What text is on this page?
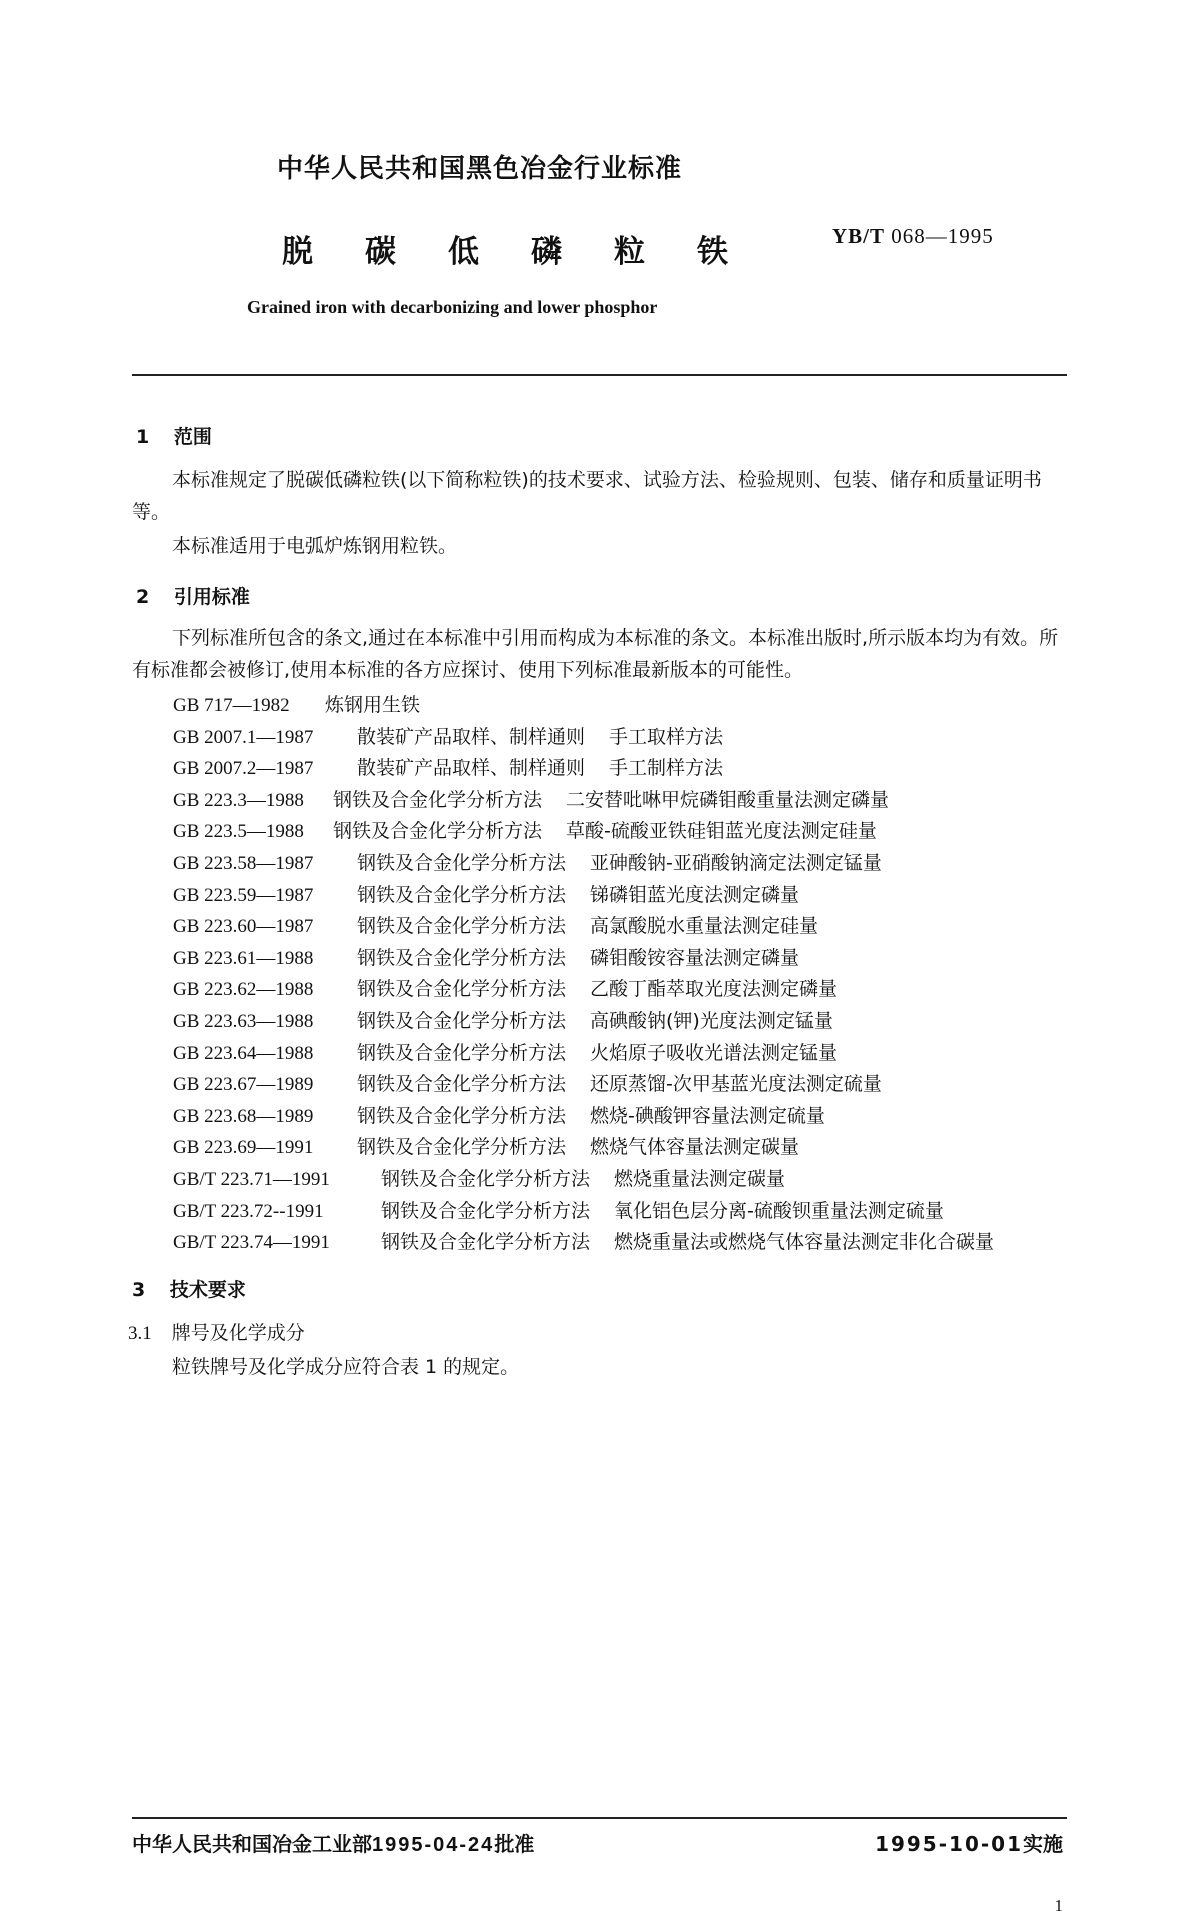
中华人民共和国黑色冶金行业标准
脱 碳 低 磷 粒 铁	YB/T 068—1995
Grained iron with decarbonizing and lower phosphor
1 范围
本标准规定了脱碳低磷粒铁(以下简称粒铁)的技术要求、试验方法、检验规则、包装、储存和质量证明书等。
本标准适用于电弧炉炼钢用粒铁。
2 引用标准
下列标准所包含的条文,通过在本标准中引用而构成为本标准的条文。本标准出版时,所示版本均为有效。所有标准都会被修订,使用本标准的各方应探讨、使用下列标准最新版本的可能性。
GB 717—1982 炼钢用生铁
GB 2007.1—1987 散装矿产品取样、制样通则 手工取样方法
GB 2007.2—1987 散装矿产品取样、制样通则 手工制样方法
GB 223.3—1988 钢铁及合金化学分析方法 二安替吡啉甲烷磷钼酸重量法测定磷量
GB 223.5—1988 钢铁及合金化学分析方法 草酸-硫酸亚铁硅钼蓝光度法测定硅量
GB 223.58—1987 钢铁及合金化学分析方法 亚砷酸钠-亚硝酸钠滴定法测定锰量
GB 223.59—1987 钢铁及合金化学分析方法 锑磷钼蓝光度法测定磷量
GB 223.60—1987 钢铁及合金化学分析方法 高氯酸脱水重量法测定硅量
GB 223.61—1988 钢铁及合金化学分析方法 磷钼酸铵容量法测定磷量
GB 223.62—1988 钢铁及合金化学分析方法 乙酸丁酯萃取光度法测定磷量
GB 223.63—1988 钢铁及合金化学分析方法 高碘酸钠(钾)光度法测定锰量
GB 223.64—1988 钢铁及合金化学分析方法 火焰原子吸收光谱法测定锰量
GB 223.67—1989 钢铁及合金化学分析方法 还原蒸馏-次甲基蓝光度法测定硫量
GB 223.68—1989 钢铁及合金化学分析方法 燃烧-碘酸钾容量法测定硫量
GB 223.69—1991 钢铁及合金化学分析方法 燃烧气体容量法测定碳量
GB/T 223.71—1991	钢铁及合金化学分析方法 燃烧重量法测定碳量
GB/T 223.72--1991	钢铁及合金化学分析方法 氧化铝色层分离-硫酸钡重量法测定硫量
GB/T 223.74—1991	钢铁及合金化学分析方法 燃烧重量法或燃烧气体容量法测定非化合碳量
3 技术要求
3.1 牌号及化学成分
粒铁牌号及化学成分应符合表 1 的规定。
中华人民共和国冶金工业部1995-04-24批准	1995-10-01实施
1
